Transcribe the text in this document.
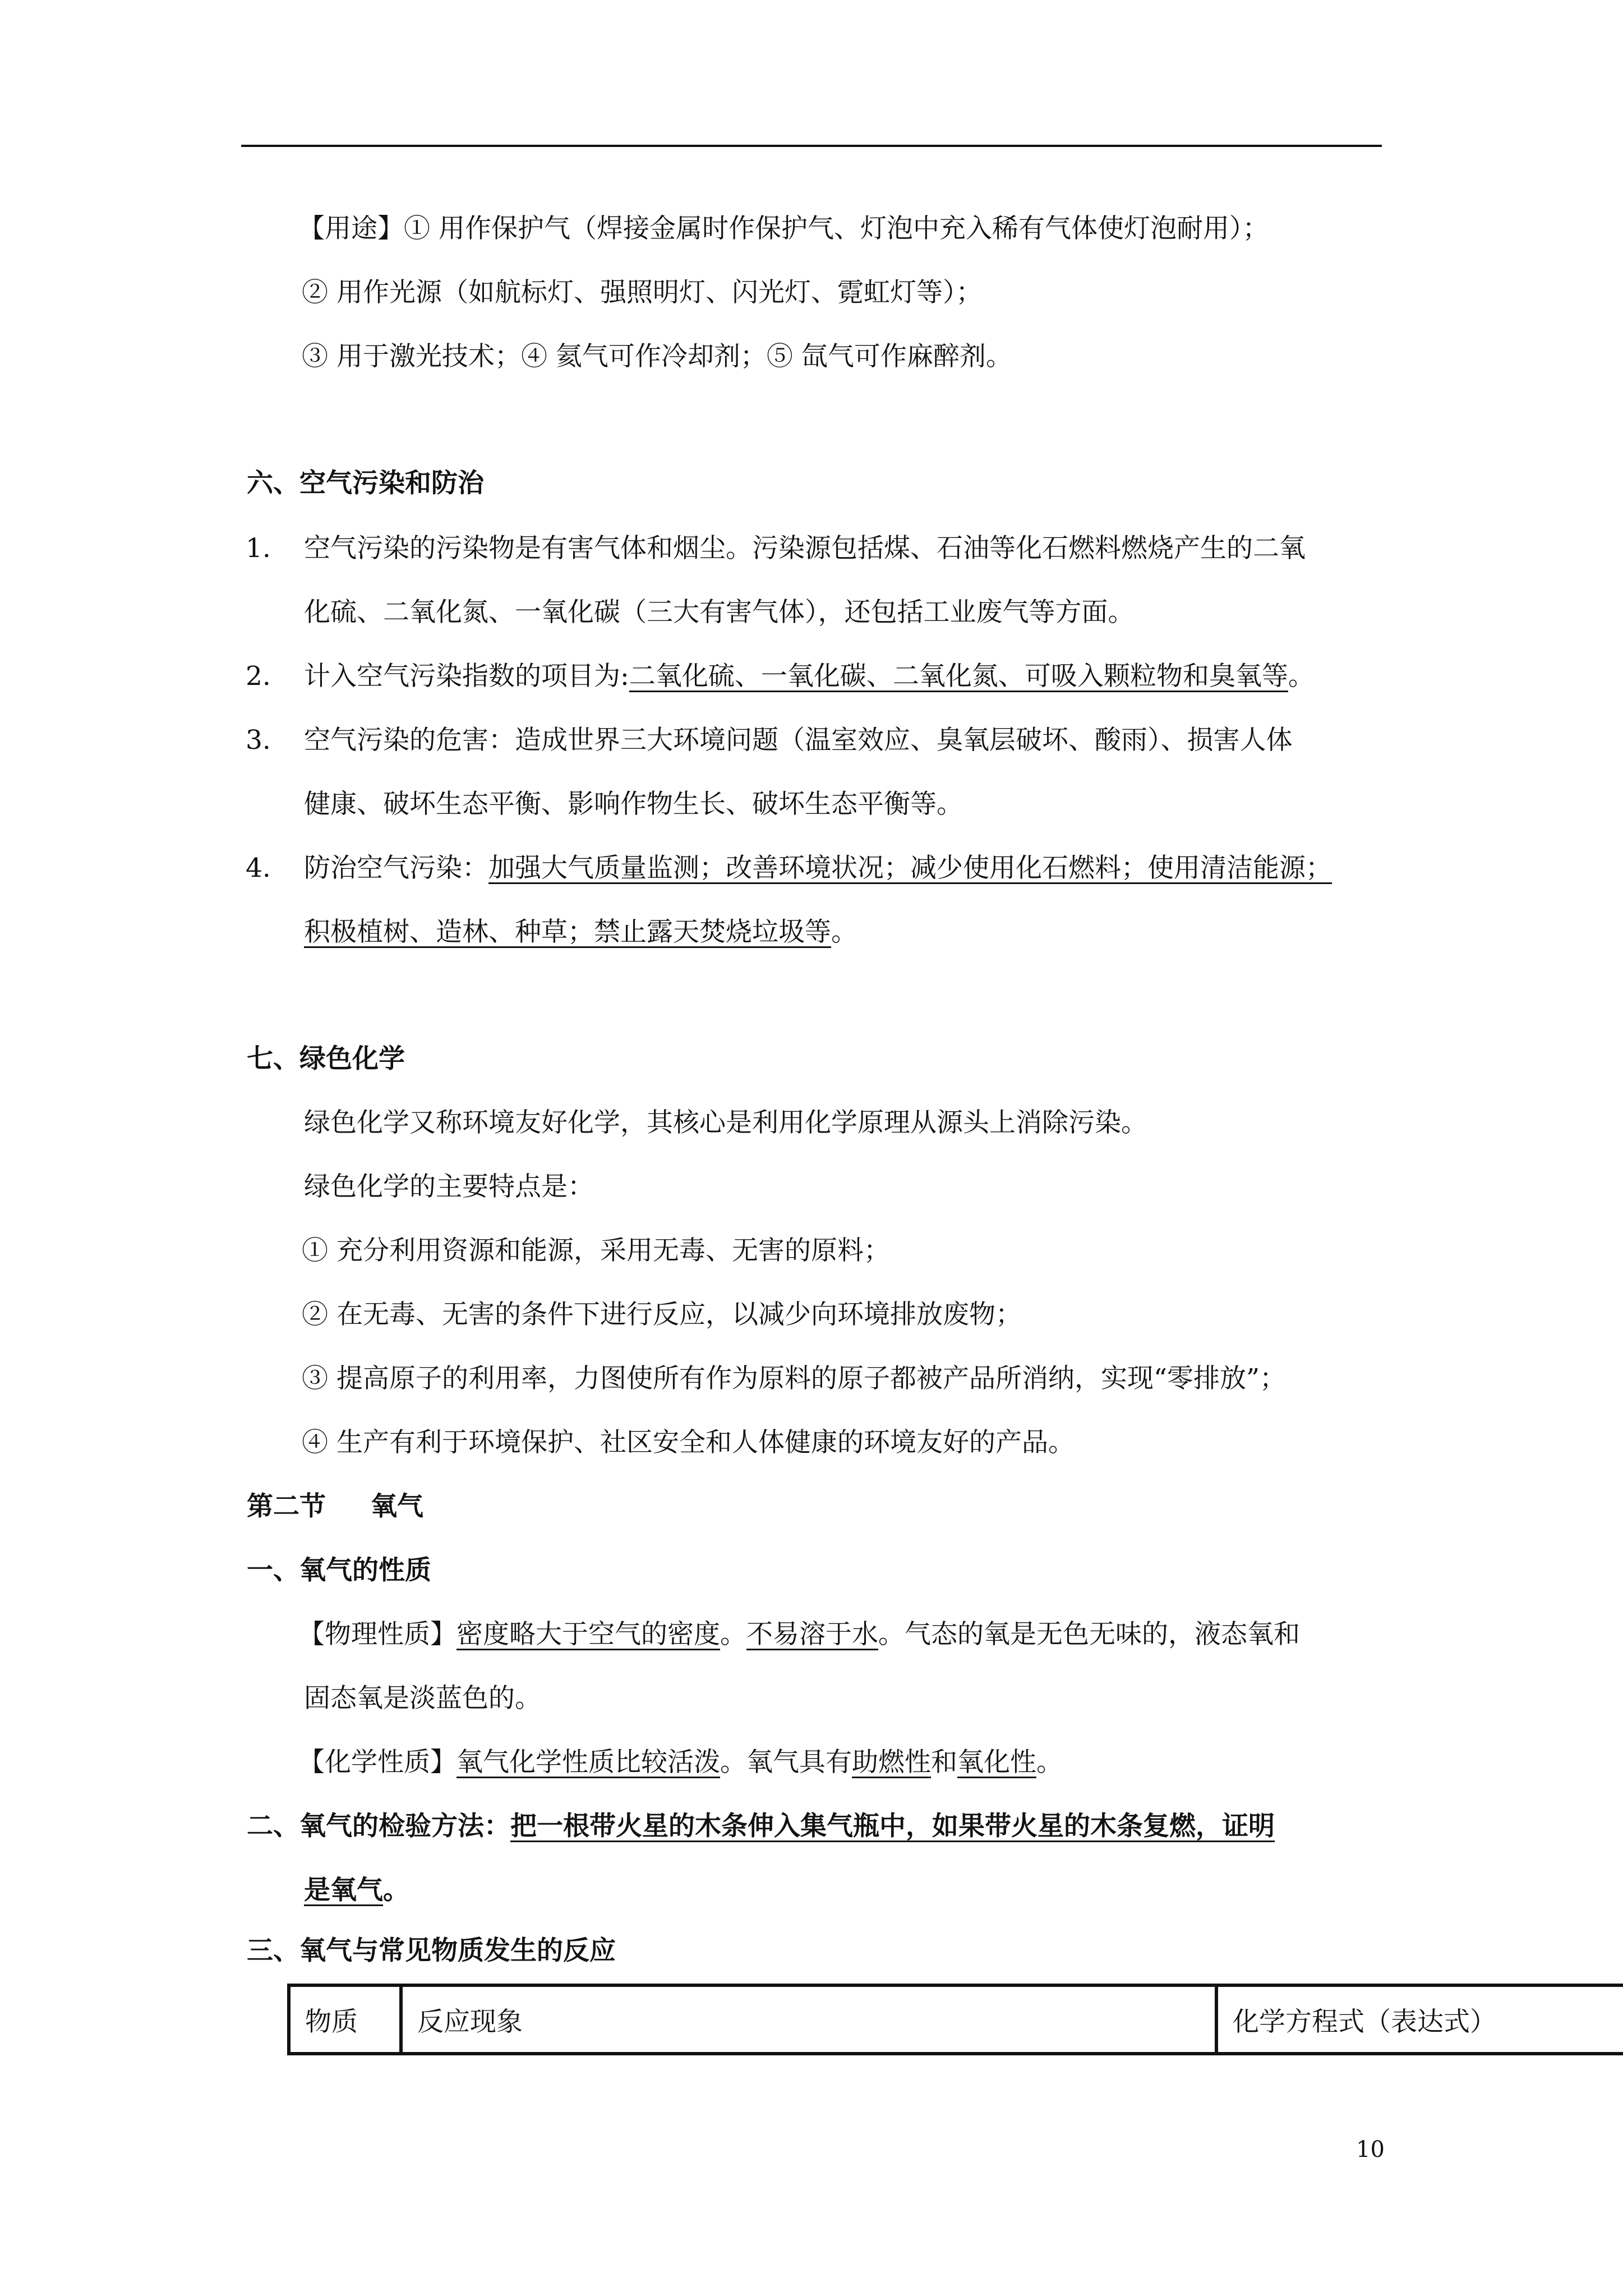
【用途】① 用作保护气（焊接金属时作保护气、灯泡中充入稀有气体使灯泡耐用）；
② 用作光源（如航标灯、强照明灯、闪光灯、霓虹灯等）；
③ 用于激光技术；④ 氦气可作冷却剂；⑤ 氙气可作麻醉剂。
六、空气污染和防治
1. 空气污染的污染物是有害气体和烟尘。污染源包括煤、石油等化石燃料燃烧产生的二氧
化硫、二氧化氮、一氧化碳（三大有害气体），还包括工业废气等方面。
2. 计入空气污染指数的项目为:二氧化硫、一氧化碳、二氧化氮、可吸入颗粒物和臭氧等。
3. 空气污染的危害：造成世界三大环境问题（温室效应、臭氧层破坏、酸雨）、损害人体
健康、破坏生态平衡、影响作物生长、破坏生态平衡等。
4. 防治空气污染：加强大气质量监测；改善环境状况；减少使用化石燃料；使用清洁能源；
积极植树、造林、种草；禁止露天焚烧垃圾等。
七、绿色化学
绿色化学又称环境友好化学，其核心是利用化学原理从源头上消除污染。
绿色化学的主要特点是：
① 充分利用资源和能源，采用无毒、无害的原料；
② 在无毒、无害的条件下进行反应，以减少向环境排放废物；
③ 提高原子的利用率，力图使所有作为原料的原子都被产品所消纳，实现“零排放”；
④ 生产有利于环境保护、社区安全和人体健康的环境友好的产品。
第二节 氧气
一、氧气的性质
【物理性质】密度略大于空气的密度。不易溶于水。气态的氧是无色无味的，液态氧和
固态氧是淡蓝色的。
【化学性质】氧气化学性质比较活泼。氧气具有助燃性和氧化性。
二、氧气的检验方法：把一根带火星的木条伸入集气瓶中，如果带火星的木条复燃，证明
是氧气。
三、氧气与常见物质发生的反应
物质	反应现象	化学方程式（表达式）
10
